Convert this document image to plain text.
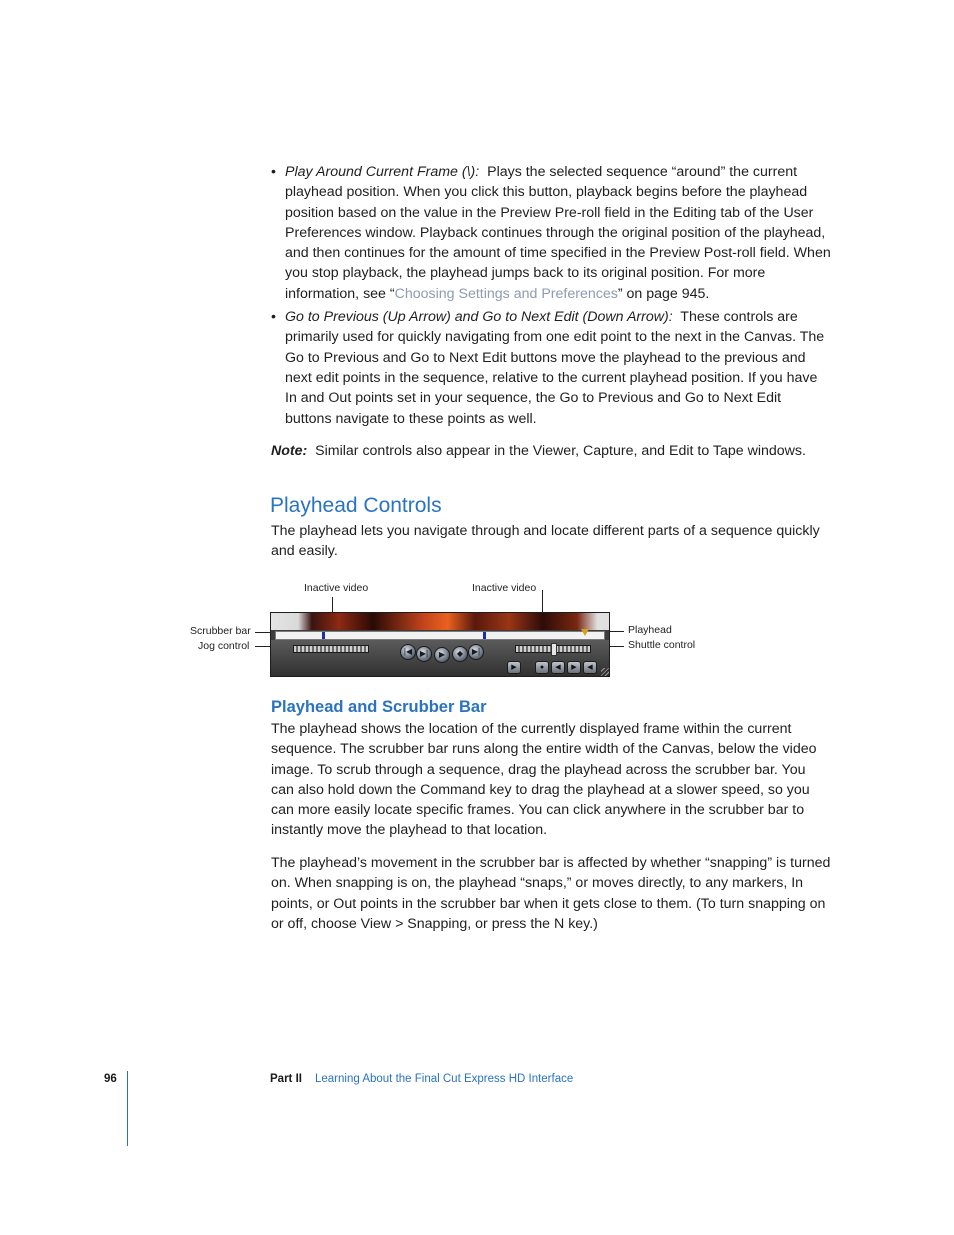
• Play Around Current Frame (\): Plays the selected sequence “around” the current playhead position. When you click this button, playback begins before the playhead position based on the value in the Preview Pre-roll field in the Editing tab of the User Preferences window. Playback continues through the original position of the playhead, and then continues for the amount of time specified in the Preview Post-roll field. When you stop playback, the playhead jumps back to its original position. For more information, see “Choosing Settings and Preferences” on page 945.
• Go to Previous (Up Arrow) and Go to Next Edit (Down Arrow): These controls are primarily used for quickly navigating from one edit point to the next in the Canvas. The Go to Previous and Go to Next Edit buttons move the playhead to the previous and next edit points in the sequence, relative to the current playhead position. If you have In and Out points set in your sequence, the Go to Previous and Go to Next Edit buttons navigate to these points as well.
Note: Similar controls also appear in the Viewer, Capture, and Edit to Tape windows.
Playhead Controls
The playhead lets you navigate through and locate different parts of a sequence quickly and easily.
Inactive video	Inactive video
Scrubber bar
Jog control
Playhead
Shuttle control
|◀ ▶|	▶	◆	▶|
▶	●	◀	▶	◀
Playhead and Scrubber Bar
The playhead shows the location of the currently displayed frame within the current sequence. The scrubber bar runs along the entire width of the Canvas, below the video image. To scrub through a sequence, drag the playhead across the scrubber bar. You can also hold down the Command key to drag the playhead at a slower speed, so you can more easily locate specific frames. You can click anywhere in the scrubber bar to instantly move the playhead to that location.
The playhead’s movement in the scrubber bar is affected by whether “snapping” is turned on. When snapping is on, the playhead “snaps,” or moves directly, to any markers, In points, or Out points in the scrubber bar when it gets close to them. (To turn snapping on or off, choose View > Snapping, or press the N key.)
96	Part II Learning About the Final Cut Express HD Interface
